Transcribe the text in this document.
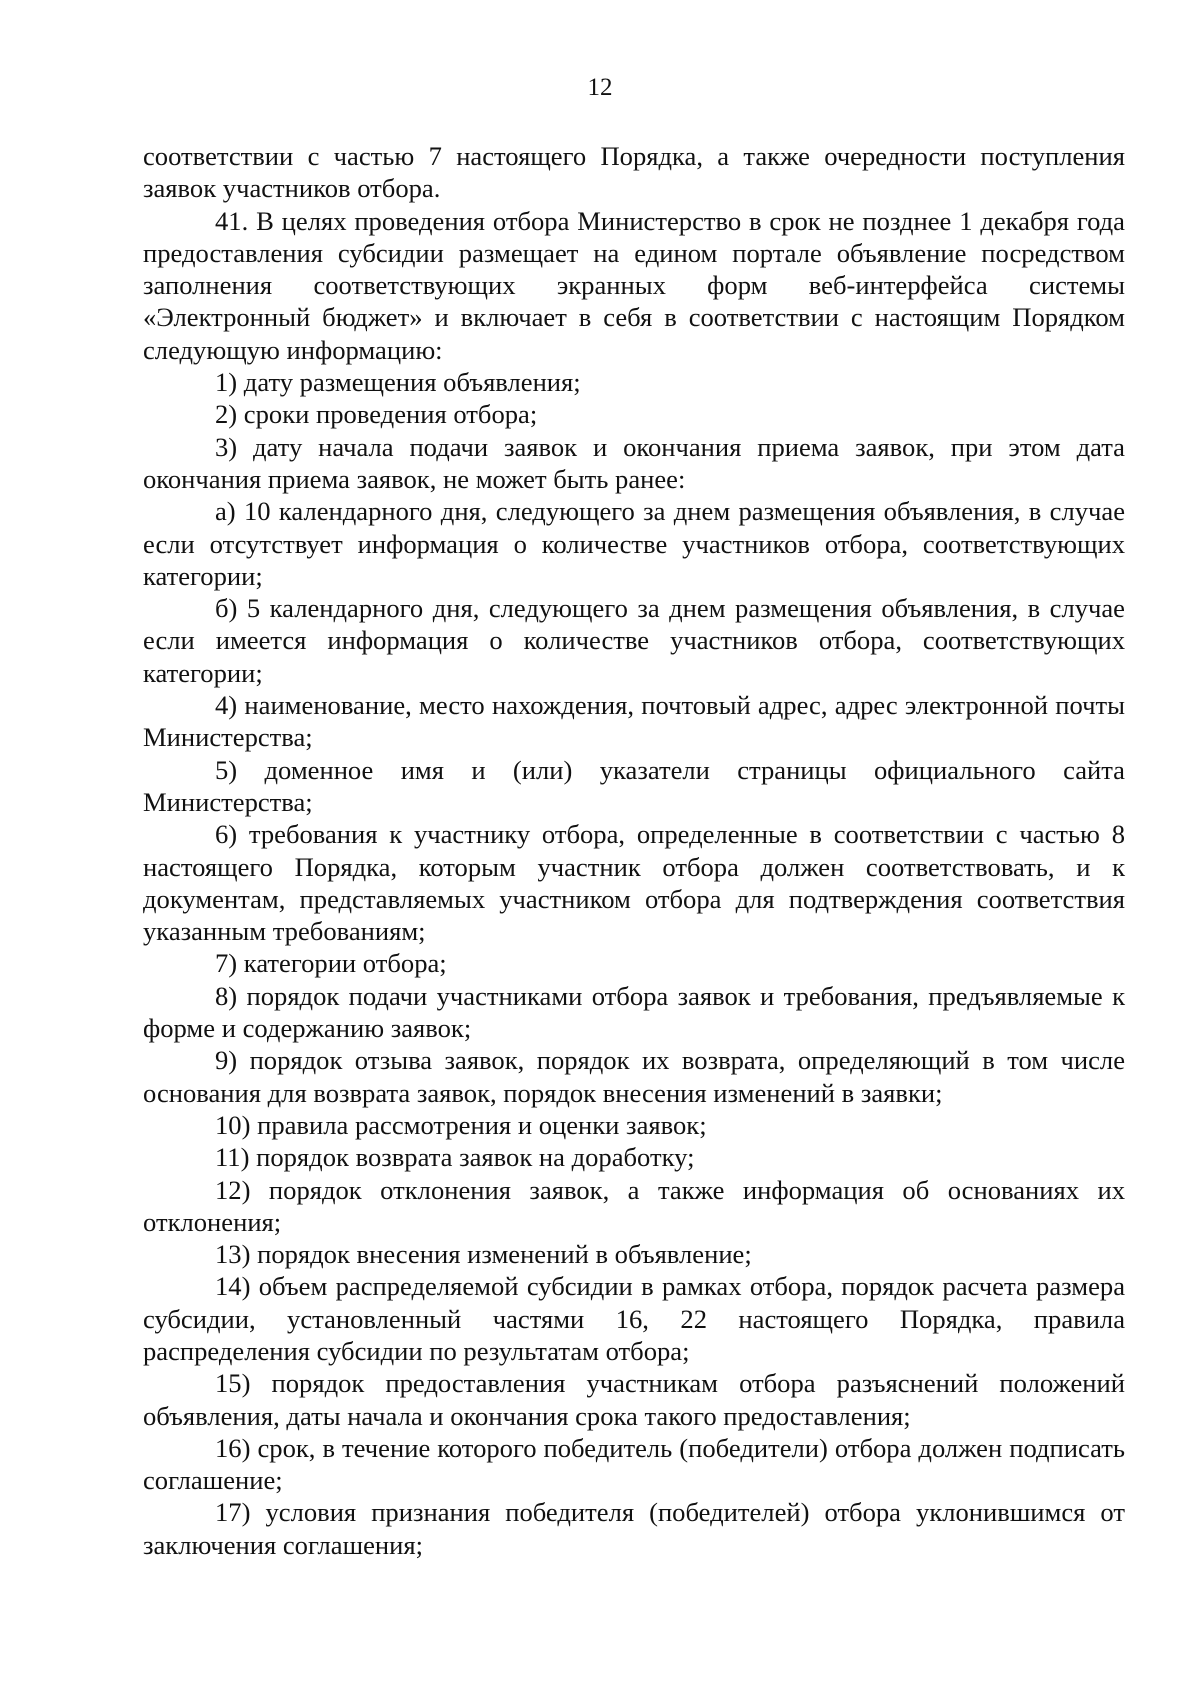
12

соответствии с частью 7 настоящего Порядка, а также очередности поступления заявок участников отбора.

41. В целях проведения отбора Министерство в срок не позднее 1 декабря года предоставления субсидии размещает на едином портале объявление посредством заполнения соответствующих экранных форм веб-интерфейса системы «Электронный бюджет» и включает в себя в соответствии с настоящим Порядком следующую информацию:

1) дату размещения объявления;

2) сроки проведения отбора;

3) дату начала подачи заявок и окончания приема заявок, при этом дата окончания приема заявок, не может быть ранее:

а) 10 календарного дня, следующего за днем размещения объявления, в случае если отсутствует информация о количестве участников отбора, соответствующих категории;

б) 5 календарного дня, следующего за днем размещения объявления, в случае если имеется информация о количестве участников отбора, соответствующих категории;

4) наименование, место нахождения, почтовый адрес, адрес электронной почты Министерства;

5) доменное имя и (или) указатели страницы официального сайта Министерства;

6) требования к участнику отбора, определенные в соответствии с частью 8 настоящего Порядка, которым участник отбора должен соответствовать, и к документам, представляемых участником отбора для подтверждения соответствия указанным требованиям;

7) категории отбора;

8) порядок подачи участниками отбора заявок и требования, предъявляемые к форме и содержанию заявок;

9) порядок отзыва заявок, порядок их возврата, определяющий в том числе основания для возврата заявок, порядок внесения изменений в заявки;

10) правила рассмотрения и оценки заявок;

11) порядок возврата заявок на доработку;

12) порядок отклонения заявок, а также информация об основаниях их отклонения;

13) порядок внесения изменений в объявление;

14) объем распределяемой субсидии в рамках отбора, порядок расчета размера субсидии, установленный частями 16, 22 настоящего Порядка, правила распределения субсидии по результатам отбора;

15) порядок предоставления участникам отбора разъяснений положений объявления, даты начала и окончания срока такого предоставления;

16) срок, в течение которого победитель (победители) отбора должен подписать соглашение;

17) условия признания победителя (победителей) отбора уклонившимся от заключения соглашения;
